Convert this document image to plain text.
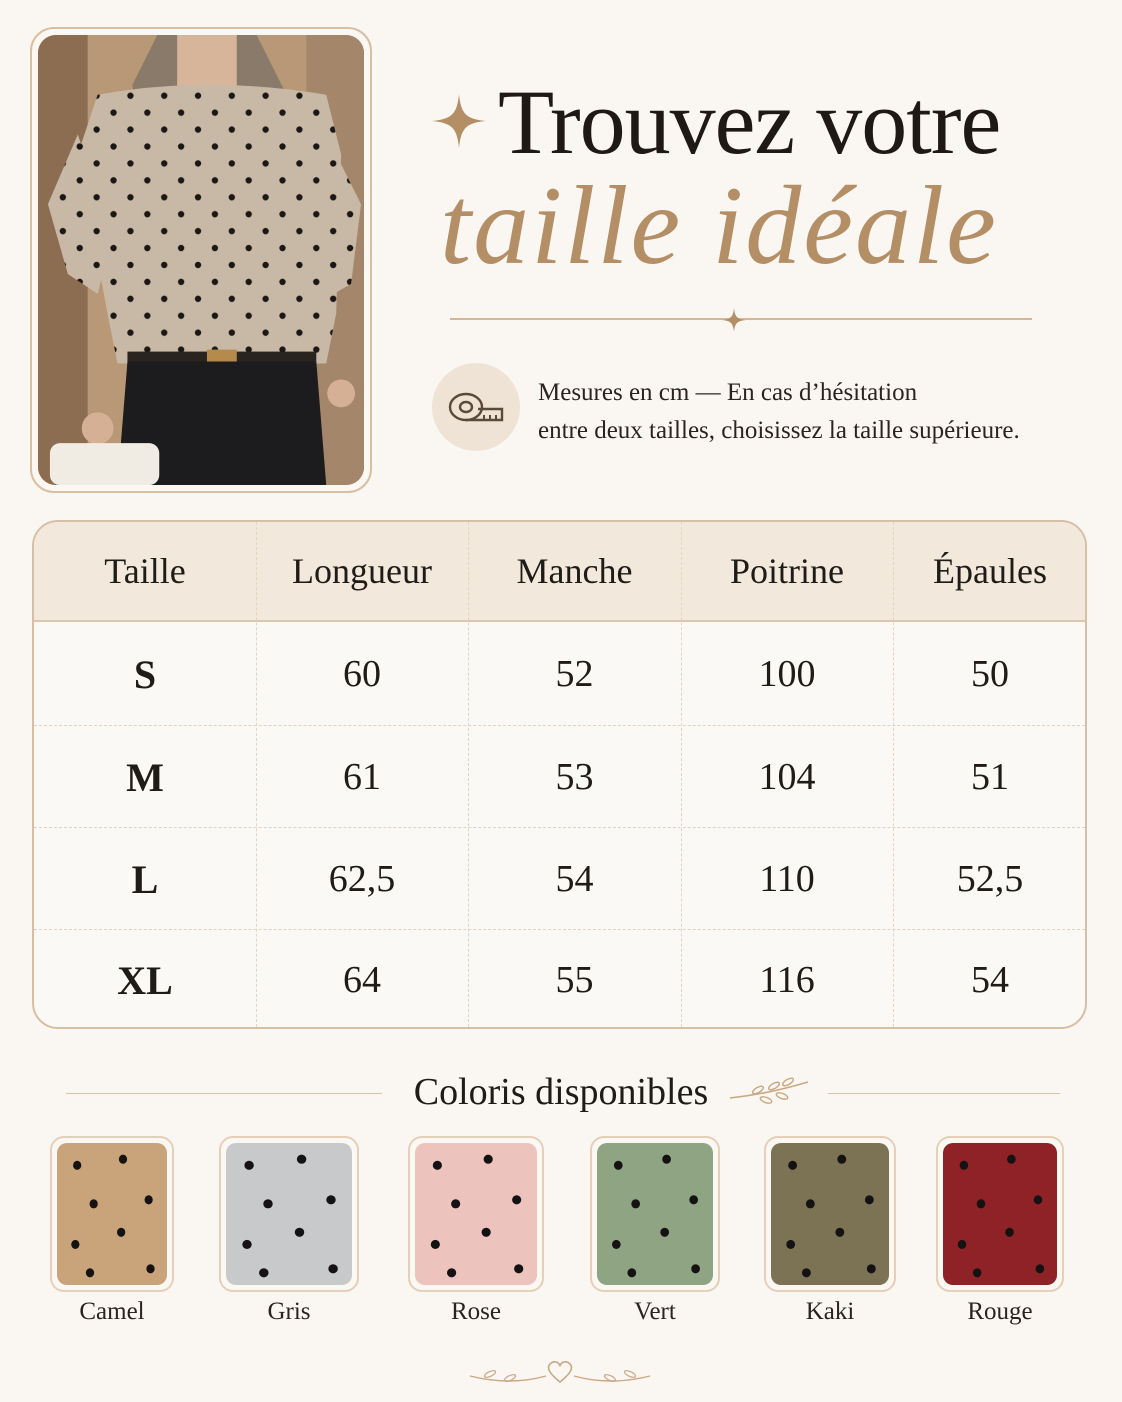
Trouvez votre
taille idéale
Mesures en cm — En cas d’hésitation
entre deux tailles, choisissez la taille supérieure.
Taille	Longueur	Manche	Poitrine	Épaules
S	60	52	100	50
M	61	53	104	51
L	62,5	54	110	52,5
XL	64	55	116	54
Coloris disponibles
Camel	Gris	Rose	Vert	Kaki	Rouge
